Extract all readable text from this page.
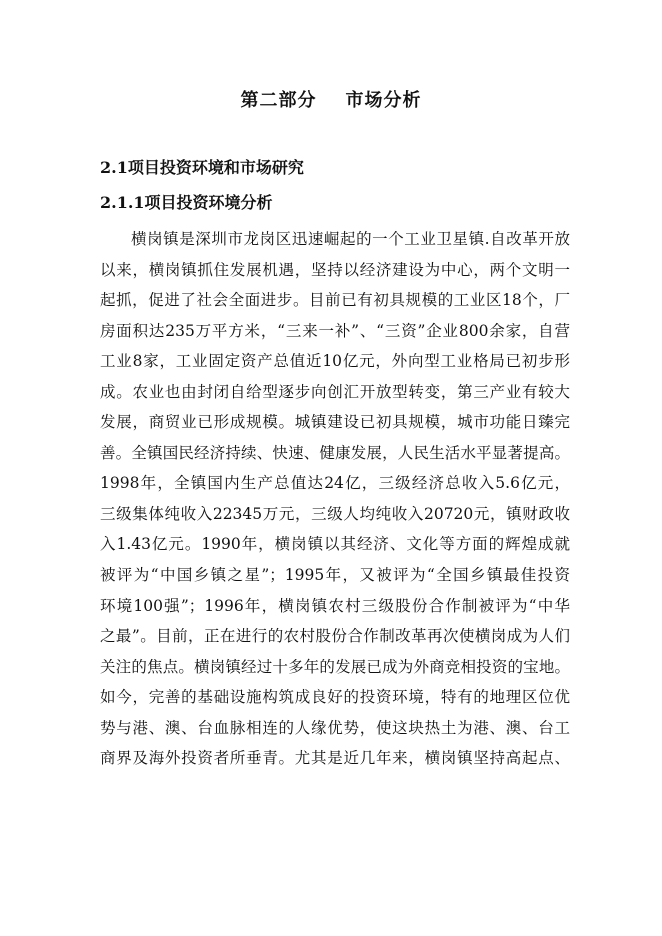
第二部分    市场分析
2.1项目投资环境和市场研究
2.1.1项目投资环境分析
横岗镇是深圳市龙岗区迅速崛起的一个工业卫星镇.自改革开放
以来，横岗镇抓住发展机遇，坚持以经济建设为中心，两个文明一
起抓，促进了社会全面进步。目前已有初具规模的工业区18个，厂
房面积达235万平方米，“三来一补”、“三资”企业800余家，自营
工业8家，工业固定资产总值近10亿元，外向型工业格局已初步形
成。农业也由封闭自给型逐步向创汇开放型转变，第三产业有较大
发展，商贸业已形成规模。城镇建设已初具规模，城市功能日臻完
善。全镇国民经济持续、快速、健康发展，人民生活水平显著提高。
1998年，全镇国内生产总值达24亿，三级经济总收入5.6亿元，
三级集体纯收入22345万元，三级人均纯收入20720元，镇财政收
入1.43亿元。1990年，横岗镇以其经济、文化等方面的辉煌成就
被评为“中国乡镇之星”；1995年，又被评为“全国乡镇最佳投资
环境100强”；1996年，横岗镇农村三级股份合作制被评为“中华
之最”。目前，正在进行的农村股份合作制改革再次使横岗成为人们
关注的焦点。横岗镇经过十多年的发展已成为外商竞相投资的宝地。
如今，完善的基础设施构筑成良好的投资环境，特有的地理区位优
势与港、澳、台血脉相连的人缘优势，使这块热土为港、澳、台工
商界及海外投资者所垂青。尤其是近几年来，横岗镇坚持高起点、
